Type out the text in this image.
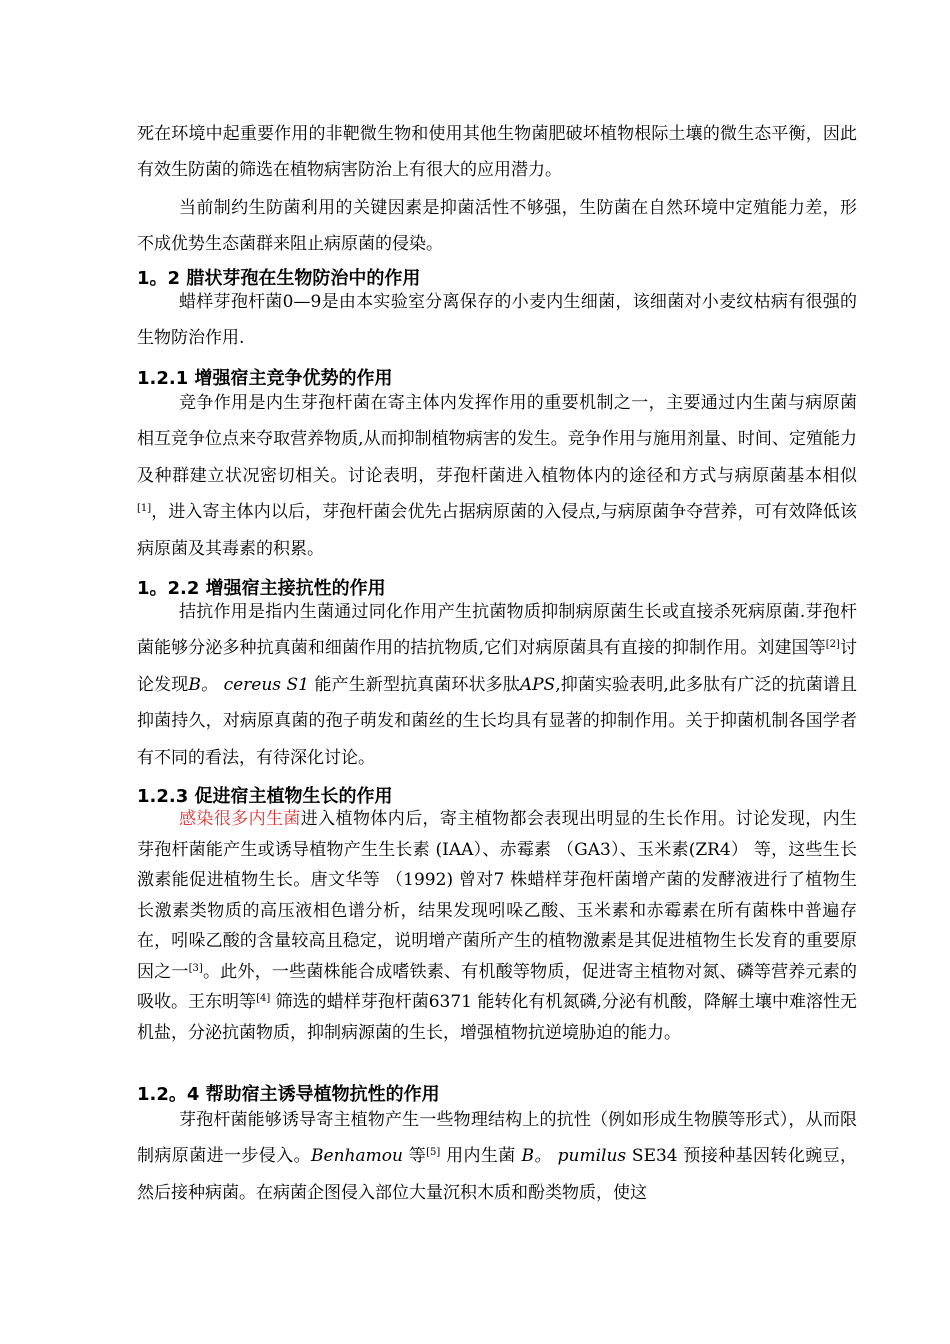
死在环境中起重要作用的非靶微生物和使用其他生物菌肥破坏植物根际土壤的微生态平衡，因此有效生防菌的筛选在植物病害防治上有很大的应用潜力。
当前制约生防菌利用的关键因素是抑菌活性不够强，生防菌在自然环境中定殖能力差，形不成优势生态菌群来阻止病原菌的侵染。
1。2 腊状芽孢在生物防治中的作用
蜡样芽孢杆菌0—9是由本实验室分离保存的小麦内生细菌，该细菌对小麦纹枯病有很强的生物防治作用.
1.2.1 增强宿主竞争优势的作用
竞争作用是内生芽孢杆菌在寄主体内发挥作用的重要机制之一，主要通过内生菌与病原菌相互竞争位点来夺取营养物质,从而抑制植物病害的发生。竞争作用与施用剂量、时间、定殖能力及种群建立状况密切相关。讨论表明，芽孢杆菌进入植物体内的途径和方式与病原菌基本相似[1]，进入寄主体内以后，芽孢杆菌会优先占据病原菌的入侵点,与病原菌争夺营养，可有效降低该病原菌及其毒素的积累。
1。2.2 增强宿主接抗性的作用
拮抗作用是指内生菌通过同化作用产生抗菌物质抑制病原菌生长或直接杀死病原菌.芽孢杆菌能够分泌多种抗真菌和细菌作用的拮抗物质,它们对病原菌具有直接的抑制作用。刘建国等[2]讨论发现B。 cereus S1 能产生新型抗真菌环状多肽APS,抑菌实验表明,此多肽有广泛的抗菌谱且抑菌持久，对病原真菌的孢子萌发和菌丝的生长均具有显著的抑制作用。关于抑菌机制各国学者有不同的看法，有待深化讨论。
1.2.3 促进宿主植物生长的作用
感染很多内生菌进入植物体内后，寄主植物都会表现出明显的生长作用。讨论发现，内生芽孢杆菌能产生或诱导植物产生生长素 (IAA）、赤霉素 （GA3）、玉米素(ZR4） 等，这些生长激素能促进植物生长。唐文华等 （1992) 曾对7 株蜡样芽孢杆菌增产菌的发酵液进行了植物生长激素类物质的高压液相色谱分析，结果发现吲哚乙酸、玉米素和赤霉素在所有菌株中普遍存在，吲哚乙酸的含量较高且稳定，说明增产菌所产生的植物激素是其促进植物生长发育的重要原因之一[3]。此外，一些菌株能合成嗜铁素、有机酸等物质，促进寄主植物对氮、磷等营养元素的吸收。王东明等[4] 筛选的蜡样芽孢杆菌6371 能转化有机氮磷,分泌有机酸，降解土壤中难溶性无机盐，分泌抗菌物质，抑制病源菌的生长，增强植物抗逆境胁迫的能力。
1.2。4 帮助宿主诱导植物抗性的作用
芽孢杆菌能够诱导寄主植物产生一些物理结构上的抗性（例如形成生物膜等形式），从而限制病原菌进一步侵入。Benhamou 等[5] 用内生菌 B。 pumilus SE34 预接种基因转化豌豆，然后接种病菌。在病菌企图侵入部位大量沉积木质和酚类物质，使这
